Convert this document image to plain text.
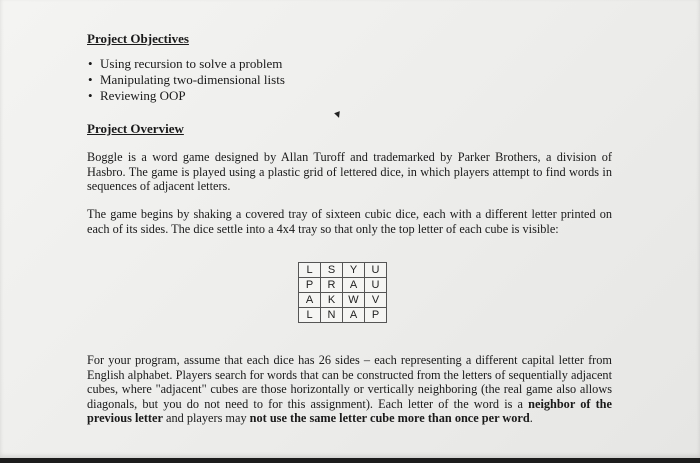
Project Objectives
• Using recursion to solve a problem
• Manipulating two-dimensional lists
• Reviewing OOP
Project Overview

Boggle is a word game designed by Allan Turoff and trademarked by Parker Brothers, a division of Hasbro. The game is played using a plastic grid of lettered dice, in which players attempt to find words in sequences of adjacent letters.

The game begins by shaking a covered tray of sixteen cubic dice, each with a different letter printed on each of its sides. The dice settle into a 4x4 tray so that only the top letter of each cube is visible:

L	S	Y	U
P	R	A	U
A	K	W	V
L	N	A	P

For your program, assume that each dice has 26 sides – each representing a different capital letter from English alphabet. Players search for words that can be constructed from the letters of sequentially adjacent cubes, where "adjacent" cubes are those horizontally or vertically neighboring (the real game also allows diagonals, but you do not need to for this assignment). Each letter of the word is a neighbor of the previous letter and players may not use the same letter cube more than once per word.
